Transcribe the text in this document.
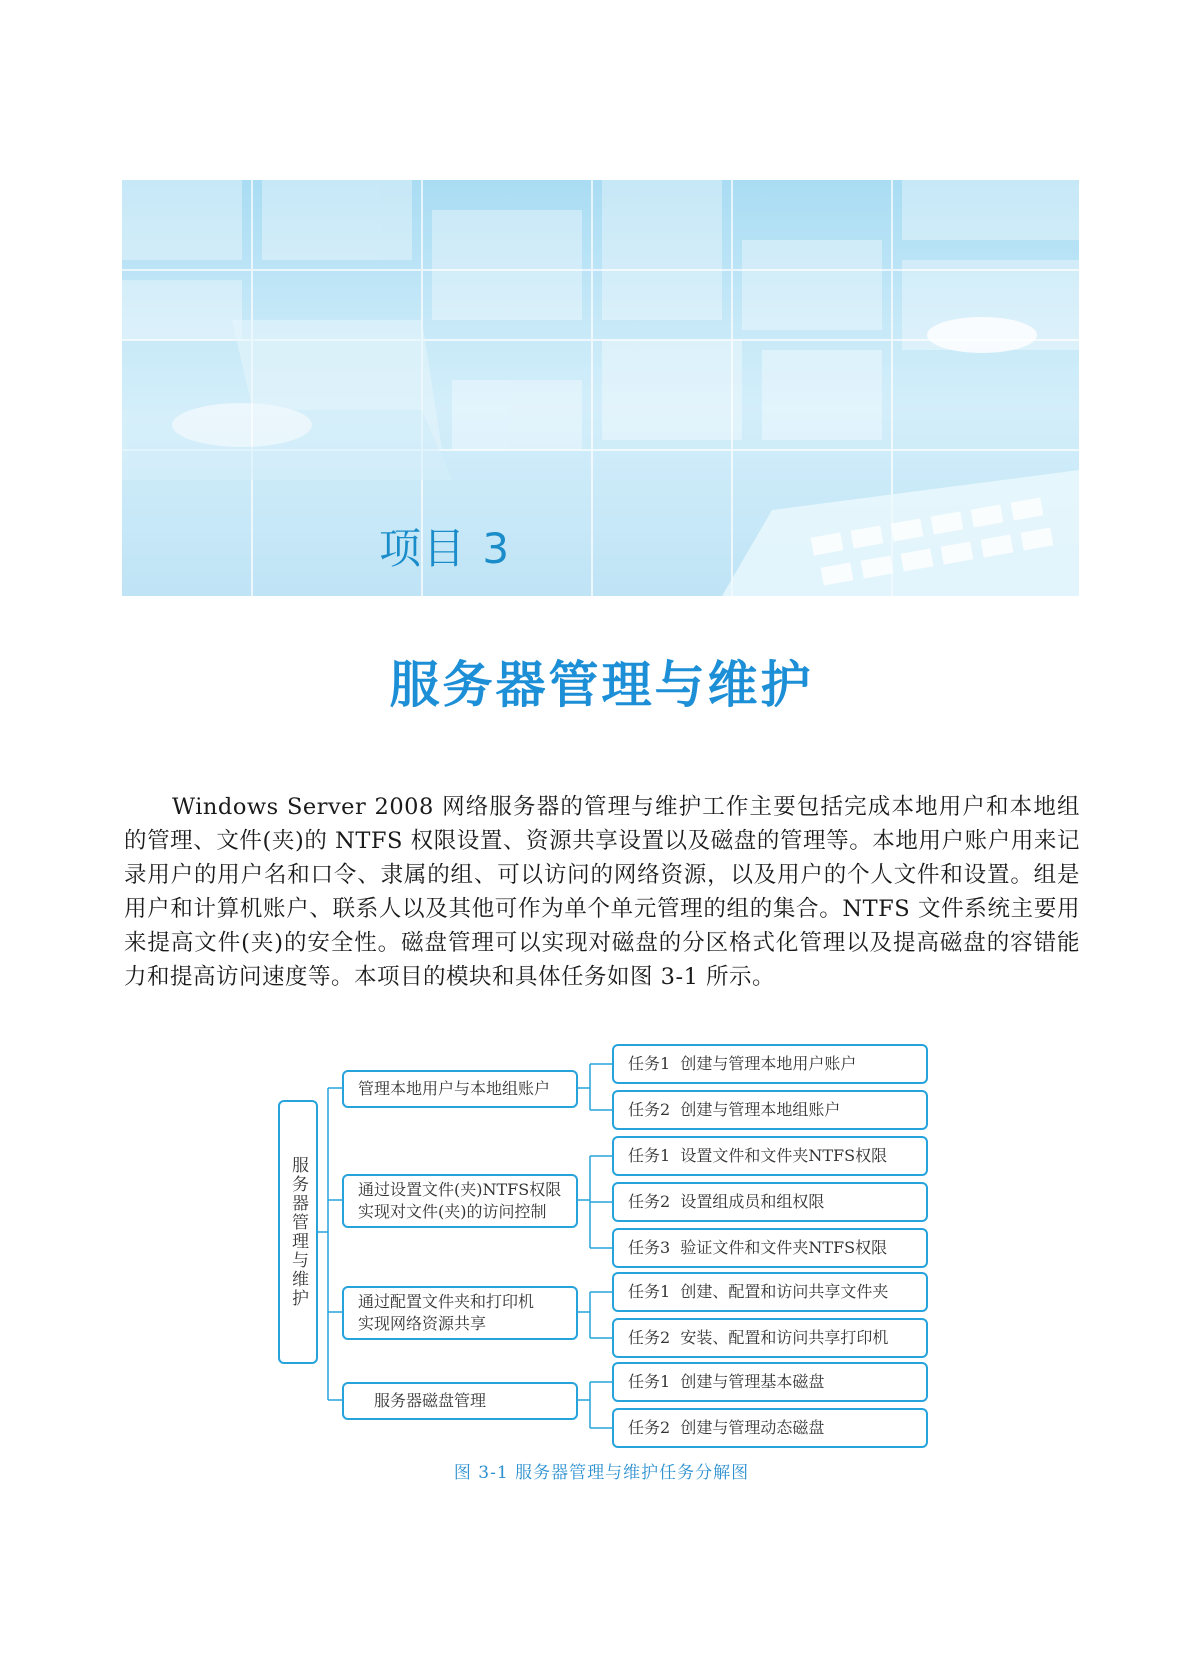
项目 3
服务器管理与维护
Windows Server 2008 网络服务器的管理与维护工作主要包括完成本地用户和本地组的管理、文件(夹)的 NTFS 权限设置、资源共享设置以及磁盘的管理等。本地用户账户用来记录用户的用户名和口令、隶属的组、可以访问的网络资源，以及用户的个人文件和设置。组是用户和计算机账户、联系人以及其他可作为单个单元管理的组的集合。NTFS 文件系统主要用来提高文件(夹)的安全性。磁盘管理可以实现对磁盘的分区格式化管理以及提高磁盘的容错能力和提高访问速度等。本项目的模块和具体任务如图 3-1 所示。
服务器管理与维护
管理本地用户与本地组账户
通过设置文件(夹)NTFS权限
实现对文件(夹)的访问控制
通过配置文件夹和打印机
实现网络资源共享
服务器磁盘管理
任务1  创建与管理本地用户账户
任务2  创建与管理本地组账户
任务1  设置文件和文件夹NTFS权限
任务2  设置组成员和组权限
任务3  验证文件和文件夹NTFS权限
任务1  创建、配置和访问共享文件夹
任务2  安装、配置和访问共享打印机
任务1  创建与管理基本磁盘
任务2  创建与管理动态磁盘
图 3-1 服务器管理与维护任务分解图
